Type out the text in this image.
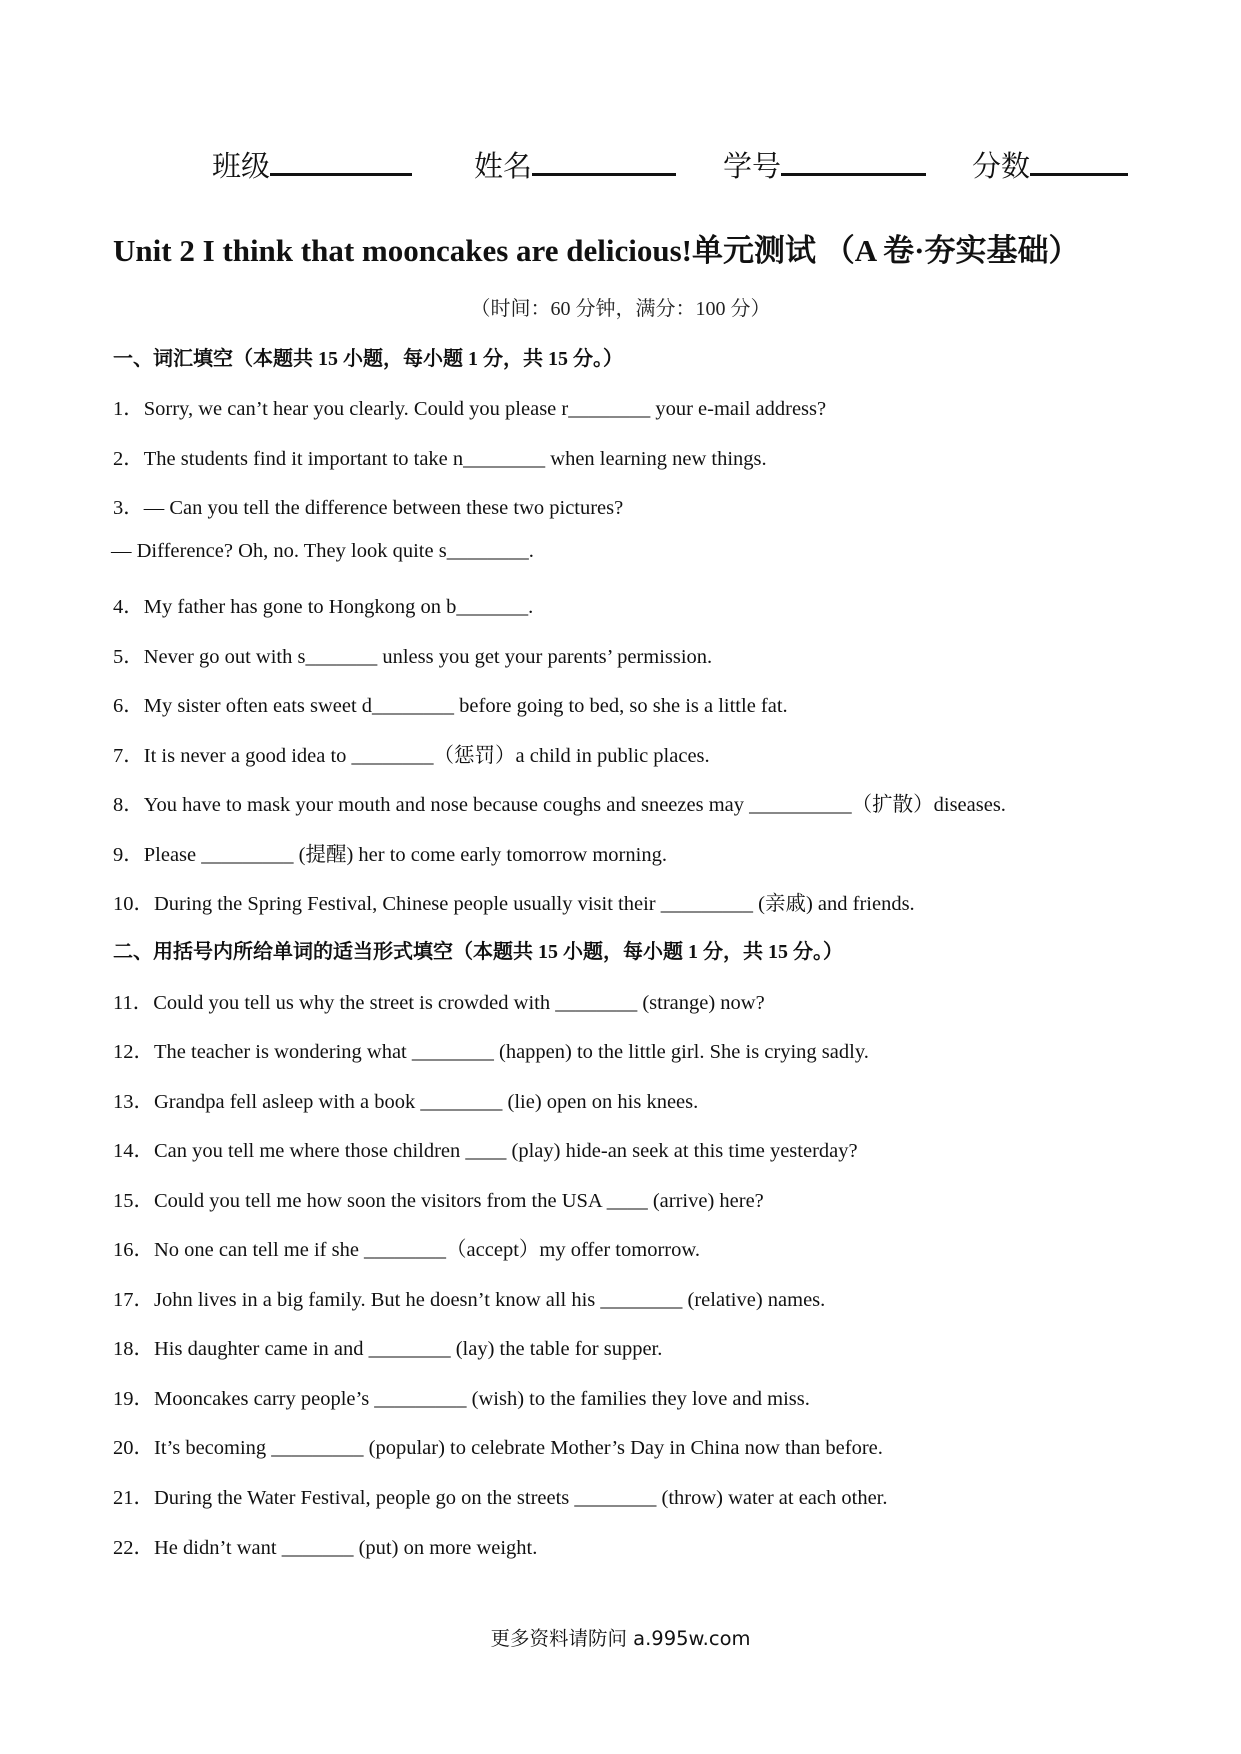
班级	姓名	学号	分数
Unit 2 I think that mooncakes are delicious!单元测试 （A 卷·夯实基础）
（时间：60 分钟，满分：100 分）
一、词汇填空（本题共 15 小题，每小题 1 分，共 15 分。）
1．Sorry, we can’t hear you clearly. Could you please r________ your e-mail address?
2．The students find it important to take n________ when learning new things.
3．— Can you tell the difference between these two pictures?
— Difference? Oh, no. They look quite s________.
4．My father has gone to Hongkong on b_______.
5．Never go out with s_______ unless you get your parents’ permission.
6．My sister often eats sweet d________ before going to bed, so she is a little fat.
7．It is never a good idea to ________（惩罚）a child in public places.
8．You have to mask your mouth and nose because coughs and sneezes may __________（扩散）diseases.
9．Please _________ (提醒) her to come early tomorrow morning.
10．During the Spring Festival, Chinese people usually visit their _________ (亲戚) and friends.
二、用括号内所给单词的适当形式填空（本题共 15 小题，每小题 1 分，共 15 分。）
11．Could you tell us why the street is crowded with ________ (strange) now?
12．The teacher is wondering what ________ (happen) to the little girl. She is crying sadly.
13．Grandpa fell asleep with a book ________ (lie) open on his knees.
14．Can you tell me where those children ____ (play) hide-an seek at this time yesterday?
15．Could you tell me how soon the visitors from the USA ____ (arrive) here?
16．No one can tell me if she ________（accept）my offer tomorrow.
17．John lives in a big family. But he doesn’t know all his ________ (relative) names.
18．His daughter came in and ________ (lay) the table for supper.
19．Mooncakes carry people’s _________ (wish) to the families they love and miss.
20．It’s becoming _________ (popular) to celebrate Mother’s Day in China now than before.
21．During the Water Festival, people go on the streets ________ (throw) water at each other.
22．He didn’t want _______ (put) on more weight.
更多资料请防问 a.995w.com
